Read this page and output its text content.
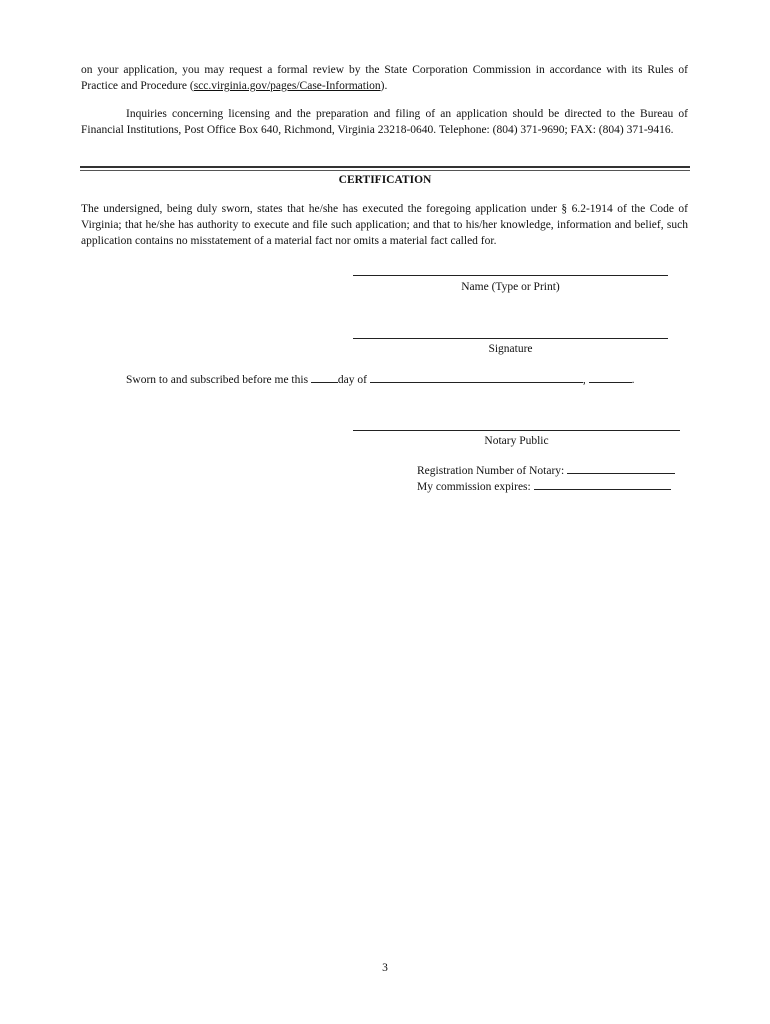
on your application, you may request a formal review by the State Corporation Commission in accordance with its Rules of Practice and Procedure (scc.virginia.gov/pages/Case-Information).

Inquiries concerning licensing and the preparation and filing of an application should be directed to the Bureau of Financial Institutions, Post Office Box 640, Richmond, Virginia 23218-0640. Telephone: (804) 371-9690; FAX: (804) 371-9416.

CERTIFICATION

The undersigned, being duly sworn, states that he/she has executed the foregoing application under § 6.2-1914 of the Code of Virginia; that he/she has authority to execute and file such application; and that to his/her knowledge, information and belief, such application contains no misstatement of a material fact nor omits a material fact called for.

Name (Type or Print)

Signature

Sworn to and subscribed before me this day of	,	.

Notary Public

Registration Number of Notary:

My commission expires:

3
